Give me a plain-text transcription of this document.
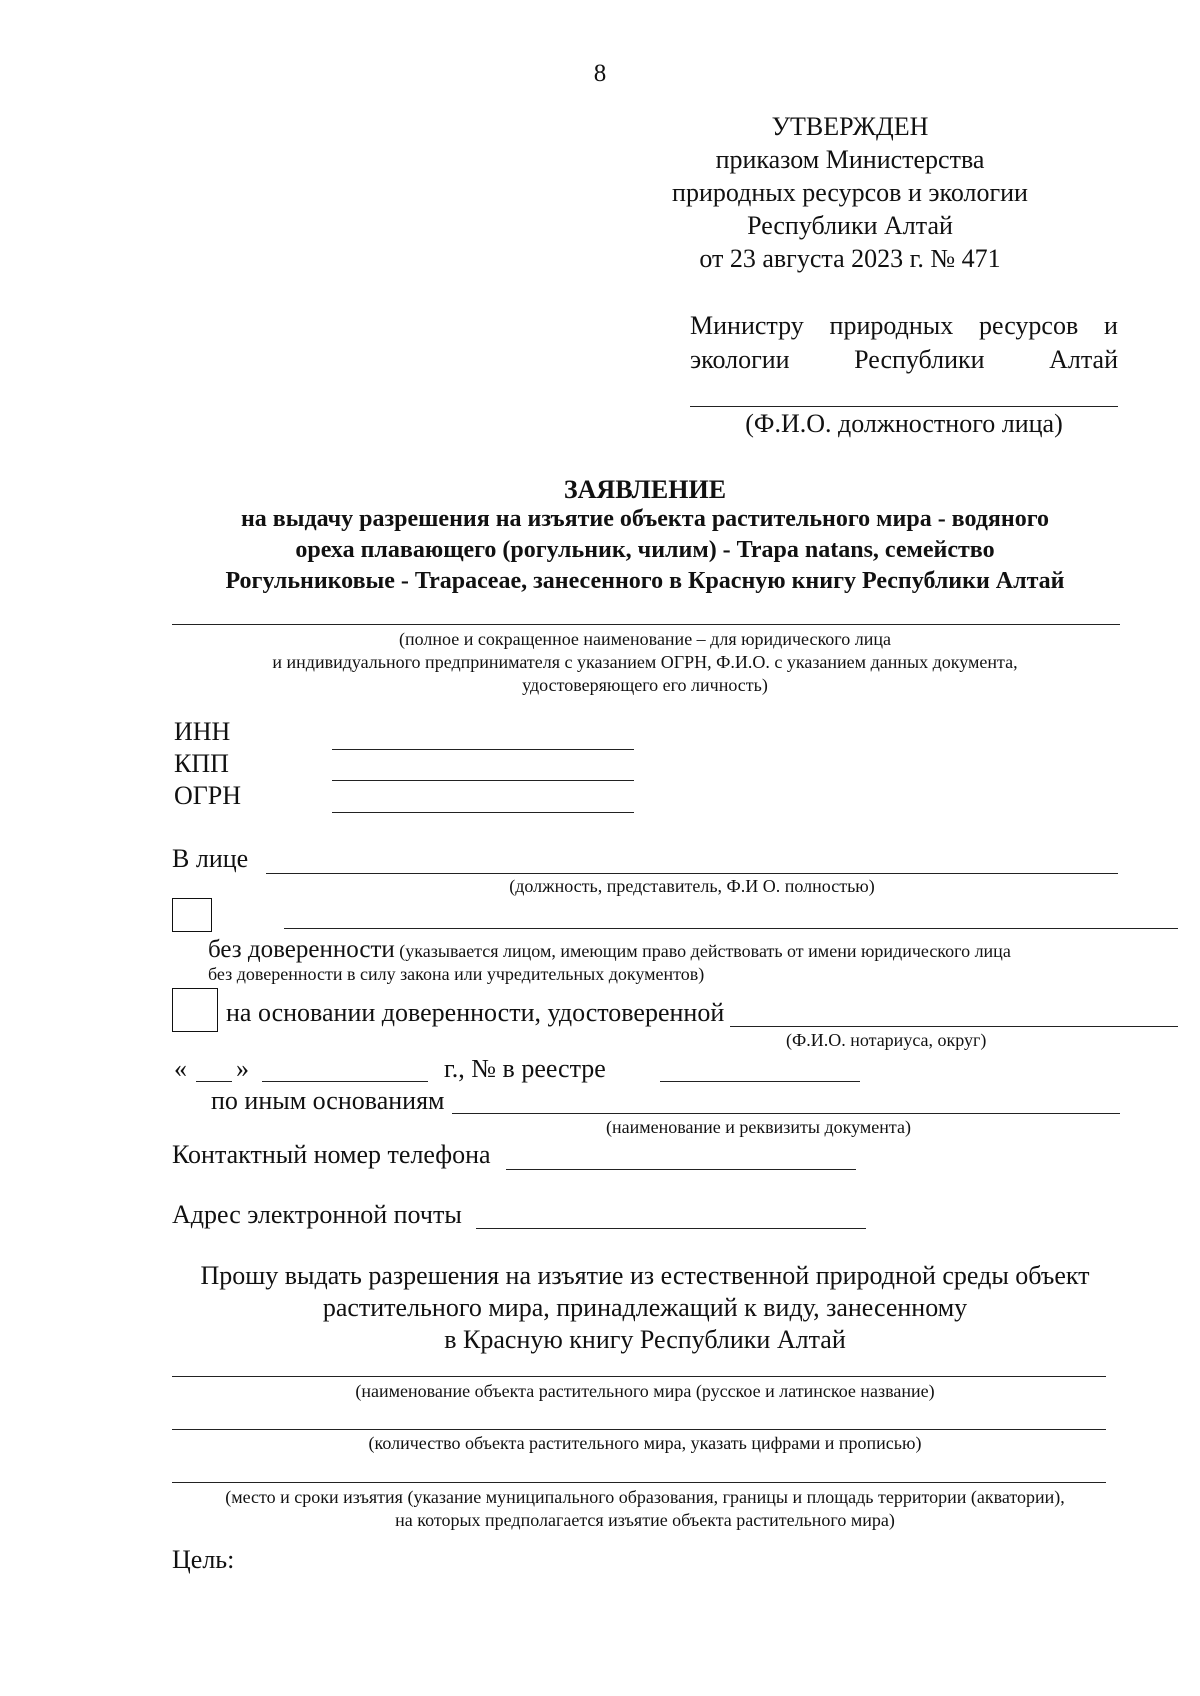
8
УТВЕРЖДЕН
приказом Министерства
природных ресурсов и экологии
Республики Алтай
от 23 августа 2023 г. № 471
Министру природных ресурсов и
экологии Республики Алтай
(Ф.И.О. должностного лица)
ЗАЯВЛЕНИЕ
на выдачу разрешения на изъятие объекта растительного мира - водяного
ореха плавающего (рогульник, чилим) - Trapa natans, семейство
Рогульниковые - Trapaceae, занесенного в Красную книгу Республики Алтай
(полное и сокращенное наименование – для юридического лица
и индивидуального предпринимателя с указанием ОГРН, Ф.И.О. с указанием данных документа,
удостоверяющего его личность)
ИНН
КПП
ОГРН
В лице
(должность, представитель, Ф.И О. полностью)
без доверенности (указывается лицом, имеющим право действовать от имени юридического лица
без доверенности в силу закона или учредительных документов)
на основании доверенности, удостоверенной
(Ф.И.О. нотариуса, округ)
« »	г., № в реестре
по иным основаниям
(наименование и реквизиты документа)
Контактный номер телефона
Адрес электронной почты
Прошу выдать разрешения на изъятие из естественной природной среды объект
растительного мира, принадлежащий к виду, занесенному
в Красную книгу Республики Алтай
(наименование объекта растительного мира (русское и латинское название)
(количество объекта растительного мира, указать цифрами и прописью)
(место и сроки изъятия (указание муниципального образования, границы и площадь территории (акватории),
на которых предполагается изъятие объекта растительного мира)
Цель:
